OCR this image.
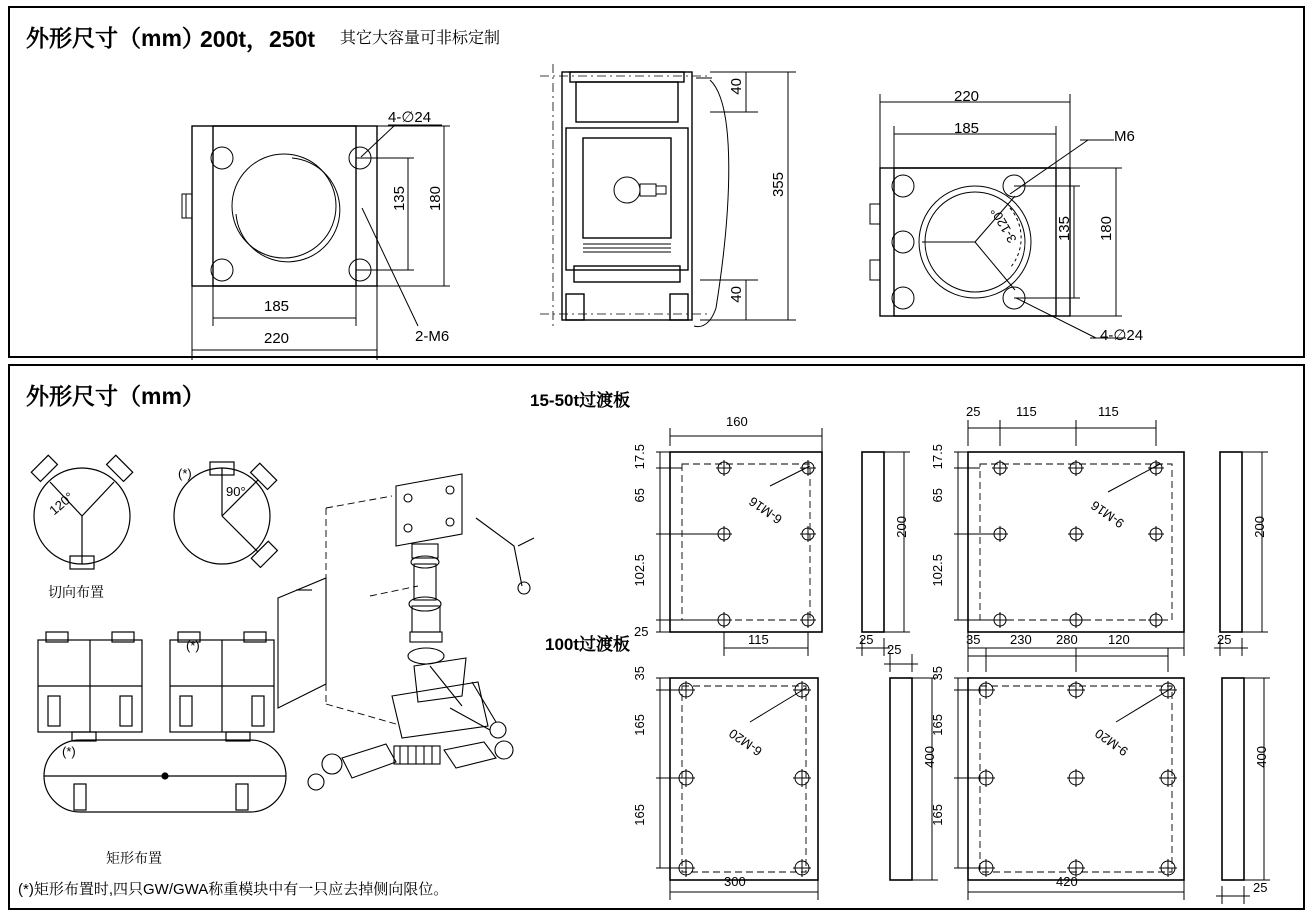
外形尺寸（mm）
200t，250t 其它大容量可非标定制
4-∅24
135 180
185
220	2-M6
40
355
40
220
185	M6
3-120° 135 180
4-∅24
外形尺寸（mm）	15-50t过渡板
100t过渡板
120°	90°
(*)
切向布置
(*)
(*)
矩形布置
17.5
65
102.5
25
160
115
6-M16	200
25
17.5
65
102.5
25	115	115
280
9-M16	200
25
35
165
165
300
6-M20	400
25
35
165
165
35 230	120
420
9-M20	400
25
(*)矩形布置时,四只GW/GWA称重模块中有一只应去掉侧向限位。
